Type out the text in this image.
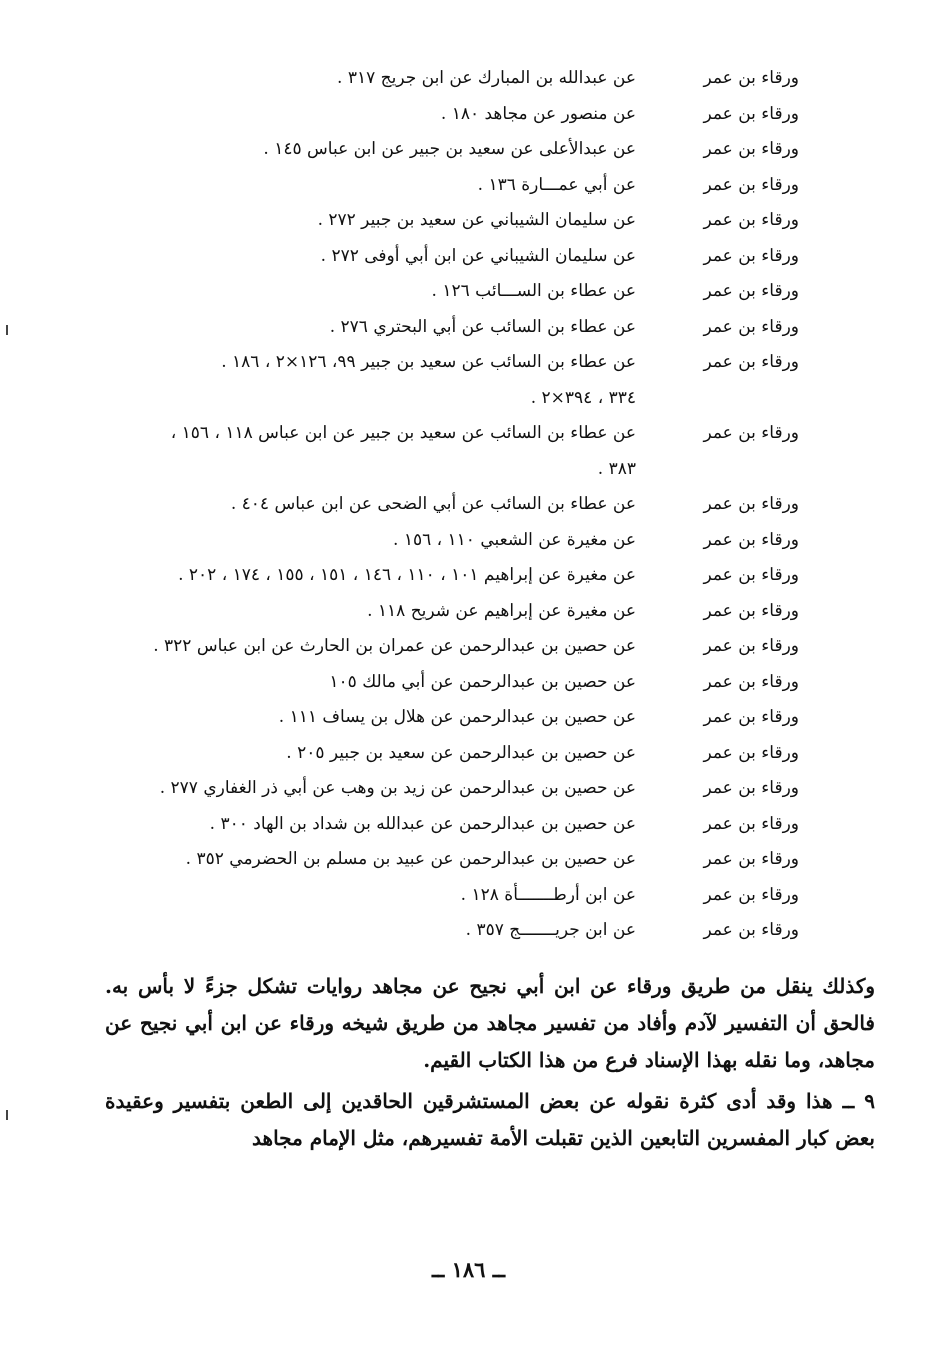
ورقاء بن عمر
عن عبدالله بن المبارك عن ابن جريج ٣١٧ .
ورقاء بن عمر
عن منصور عن مجاهد ١٨٠ .
ورقاء بن عمر
عن عبدالأعلى عن سعيد بن جبير عن ابن عباس ١٤٥ .
ورقاء بن عمر
عن أبي عمـــارة ١٣٦ .
ورقاء بن عمر
عن سليمان الشيباني عن سعيد بن جبير ٢٧٢ .
ورقاء بن عمر
عن سليمان الشيباني عن ابن أبي أوفى ٢٧٢ .
ورقاء بن عمر
عن عطاء بن الســـائب ١٢٦ .
ورقاء بن عمر
عن عطاء بن السائب عن أبي البحتري ٢٧٦ .
ورقاء بن عمر
عن عطاء بن السائب عن سعيد بن جبير ٩٩، ١٢٦×٢ ، ١٨٦ .
٣٣٤ ، ٣٩٤×٢ .
ورقاء بن عمر
عن عطاء بن السائب عن سعيد بن جبير عن ابن عباس ١١٨ ، ١٥٦ ،
٣٨٣ .
ورقاء بن عمر
عن عطاء بن السائب عن أبي الضحى عن ابن عباس ٤٠٤ .
ورقاء بن عمر
عن مغيرة عن الشعبي ١١٠ ، ١٥٦ .
ورقاء بن عمر
عن مغيرة عن إبراهيم ١٠١ ، ١١٠ ، ١٤٦ ، ١٥١ ، ١٥٥ ، ١٧٤ ، ٢٠٢ .
ورقاء بن عمر
عن مغيرة عن إبراهيم عن شريح ١١٨ .
ورقاء بن عمر
عن حصين بن عبدالرحمن عن عمران بن الحارث عن ابن عباس ٣٢٢ .
ورقاء بن عمر
عن حصين بن عبدالرحمن عن أبي مالك ١٠٥
ورقاء بن عمر
عن حصين بن عبدالرحمن عن هلال بن يساف ١١١ .
ورقاء بن عمر
عن حصين بن عبدالرحمن عن سعيد بن جبير ٢٠٥ .
ورقاء بن عمر
عن حصين بن عبدالرحمن عن زيد بن وهب عن أبي ذر الغفاري ٢٧٧ .
ورقاء بن عمر
عن حصين بن عبدالرحمن عن عبدالله بن شداد بن الهاد ٣٠٠ .
ورقاء بن عمر
عن حصين بن عبدالرحمن عن عبيد بن مسلم بن الحضرمي ٣٥٢ .
ورقاء بن عمر
عن ابن أرطـــــــأة ١٢٨ .
ورقاء بن عمر
عن ابن جريـــــــج ٣٥٧ .

وكذلك ينقل من طريق ورقاء عن ابن أبي نجيح عن مجاهد روايات تشكل جزءً لا بأس به. فالحق أن التفسير لآدم وأفاد من تفسير مجاهد من طريق شيخه ورقاء عن ابن أبي نجيح عن مجاهد، وما نقله بهذا الإسناد فرع من هذا الكتاب القيم.

٩ ــ هذا وقد أدى كثرة نقوله عن بعض المستشرقين الحاقدين إلى الطعن بتفسير وعقيدة بعض كبار المفسرين التابعين الذين تقبلت الأمة تفسيرهم، مثل الإمام مجاهد

ــ ١٨٦ ــ
